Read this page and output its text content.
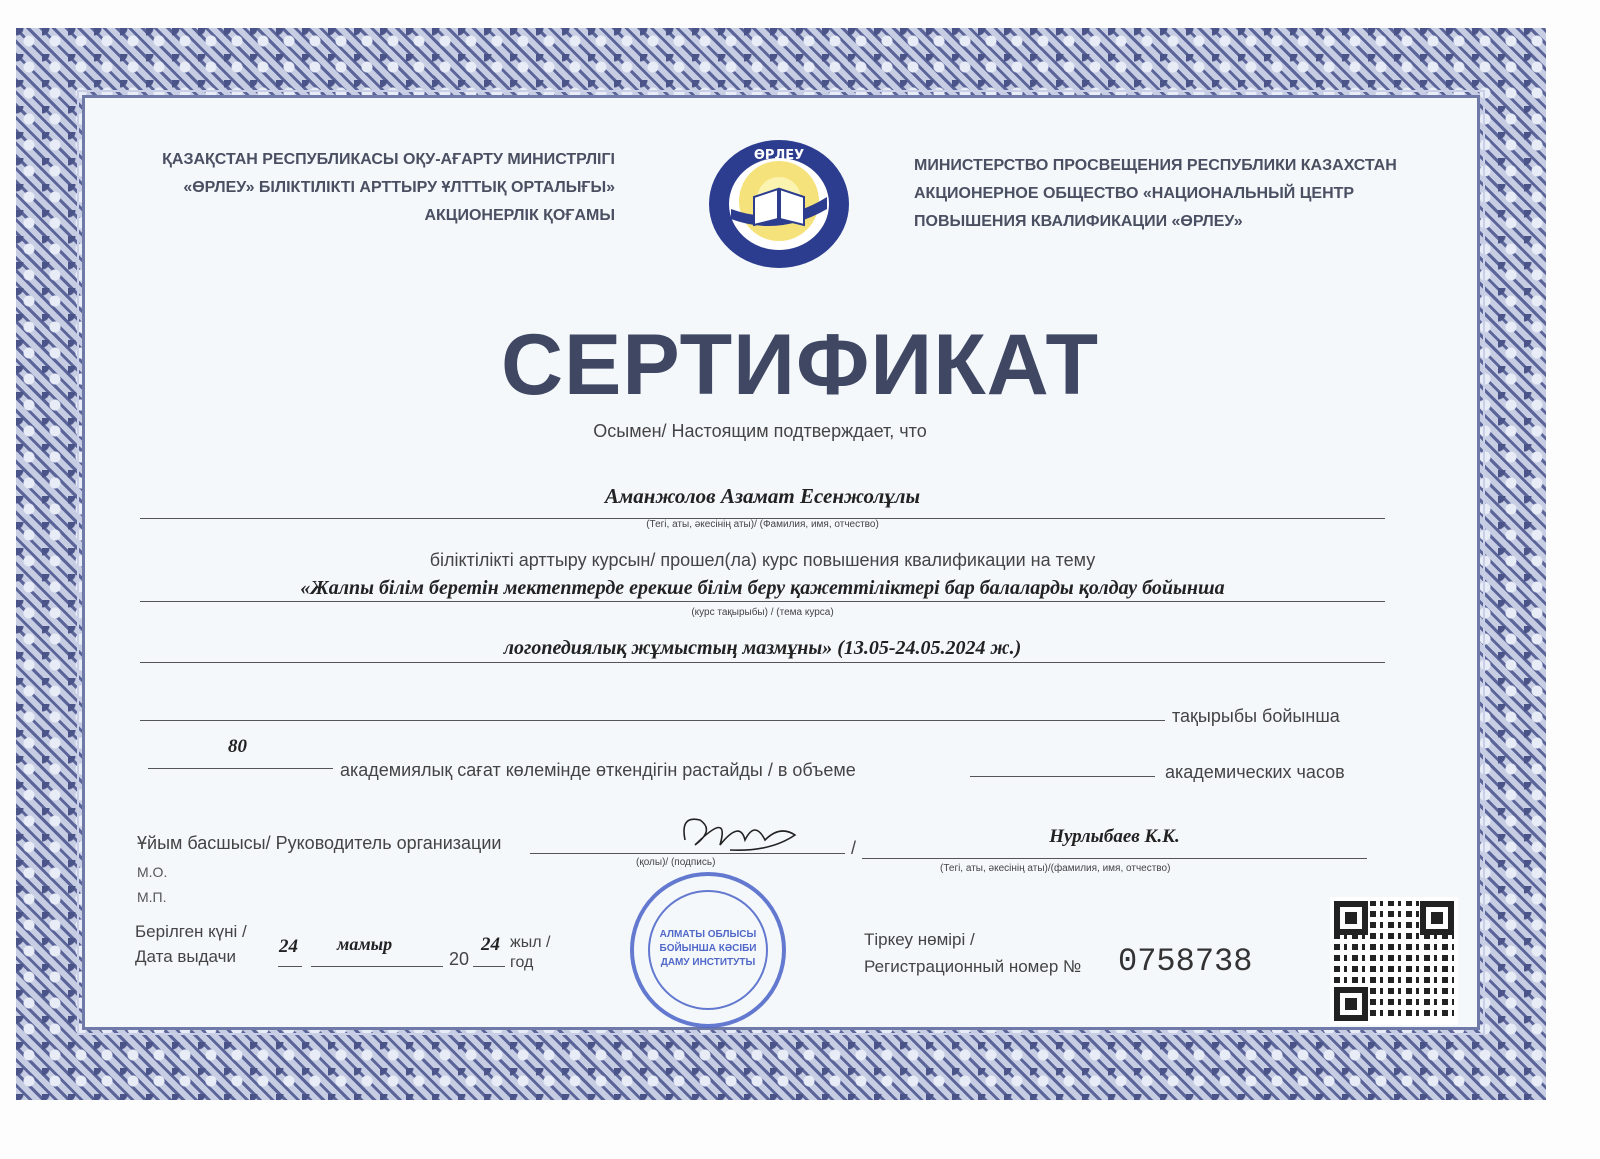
ҚАЗАҚСТАН РЕСПУБЛИКАСЫ ОҚУ-АҒАРТУ МИНИСТРЛІГІ
«ӨРЛЕУ» БІЛІКТІЛІКТІ АРТТЫРУ ҰЛТТЫҚ ОРТАЛЫҒЫ»
АКЦИОНЕРЛІК ҚОҒАМЫ
МИНИСТЕРСТВО ПРОСВЕЩЕНИЯ РЕСПУБЛИКИ КАЗАХСТАН
АКЦИОНЕРНОЕ ОБЩЕСТВО «НАЦИОНАЛЬНЫЙ ЦЕНТР
ПОВЫШЕНИЯ КВАЛИФИКАЦИИ «ӨРЛЕУ»
ӨРЛЕУ
СЕРТИФИКАТ
Осымен/ Настоящим подтверждает, что
Аманжолов Азамат Есенжолұлы
(Тегі, аты, әкесінің аты)/ (Фамилия, имя, отчество)
біліктілікті арттыру курсын/ прошел(ла) курс повышения квалификации на тему
«Жалпы білім беретін мектептерде ерекше білім беру қажеттіліктері бар балаларды қолдау бойынша
(курс тақырыбы) / (тема курса)
логопедиялық жұмыстың мазмұны» (13.05-24.05.2024 ж.)
тақырыбы бойынша
80
академиялық сағат көлемінде өткендігін растайды / в объеме	академических часов
Ұйым басшысы/ Руководитель организации
(қолы)/ (подпись)
/
Нурлыбаев К.К.
(Тегі, аты, әкесінің аты)/(фамилия, имя, отчество)
М.О.
М.П.
Берілген күні /
Дата выдачи 24 мамыр
20
24 жыл /
год
АЛМАТЫ ОБЛЫСЫ
БОЙЫНША КӘСІБИ
ДАМУ ИНСТИТУТЫ
Тіркеу нөмірі /
Регистрационный номер № 0758738
